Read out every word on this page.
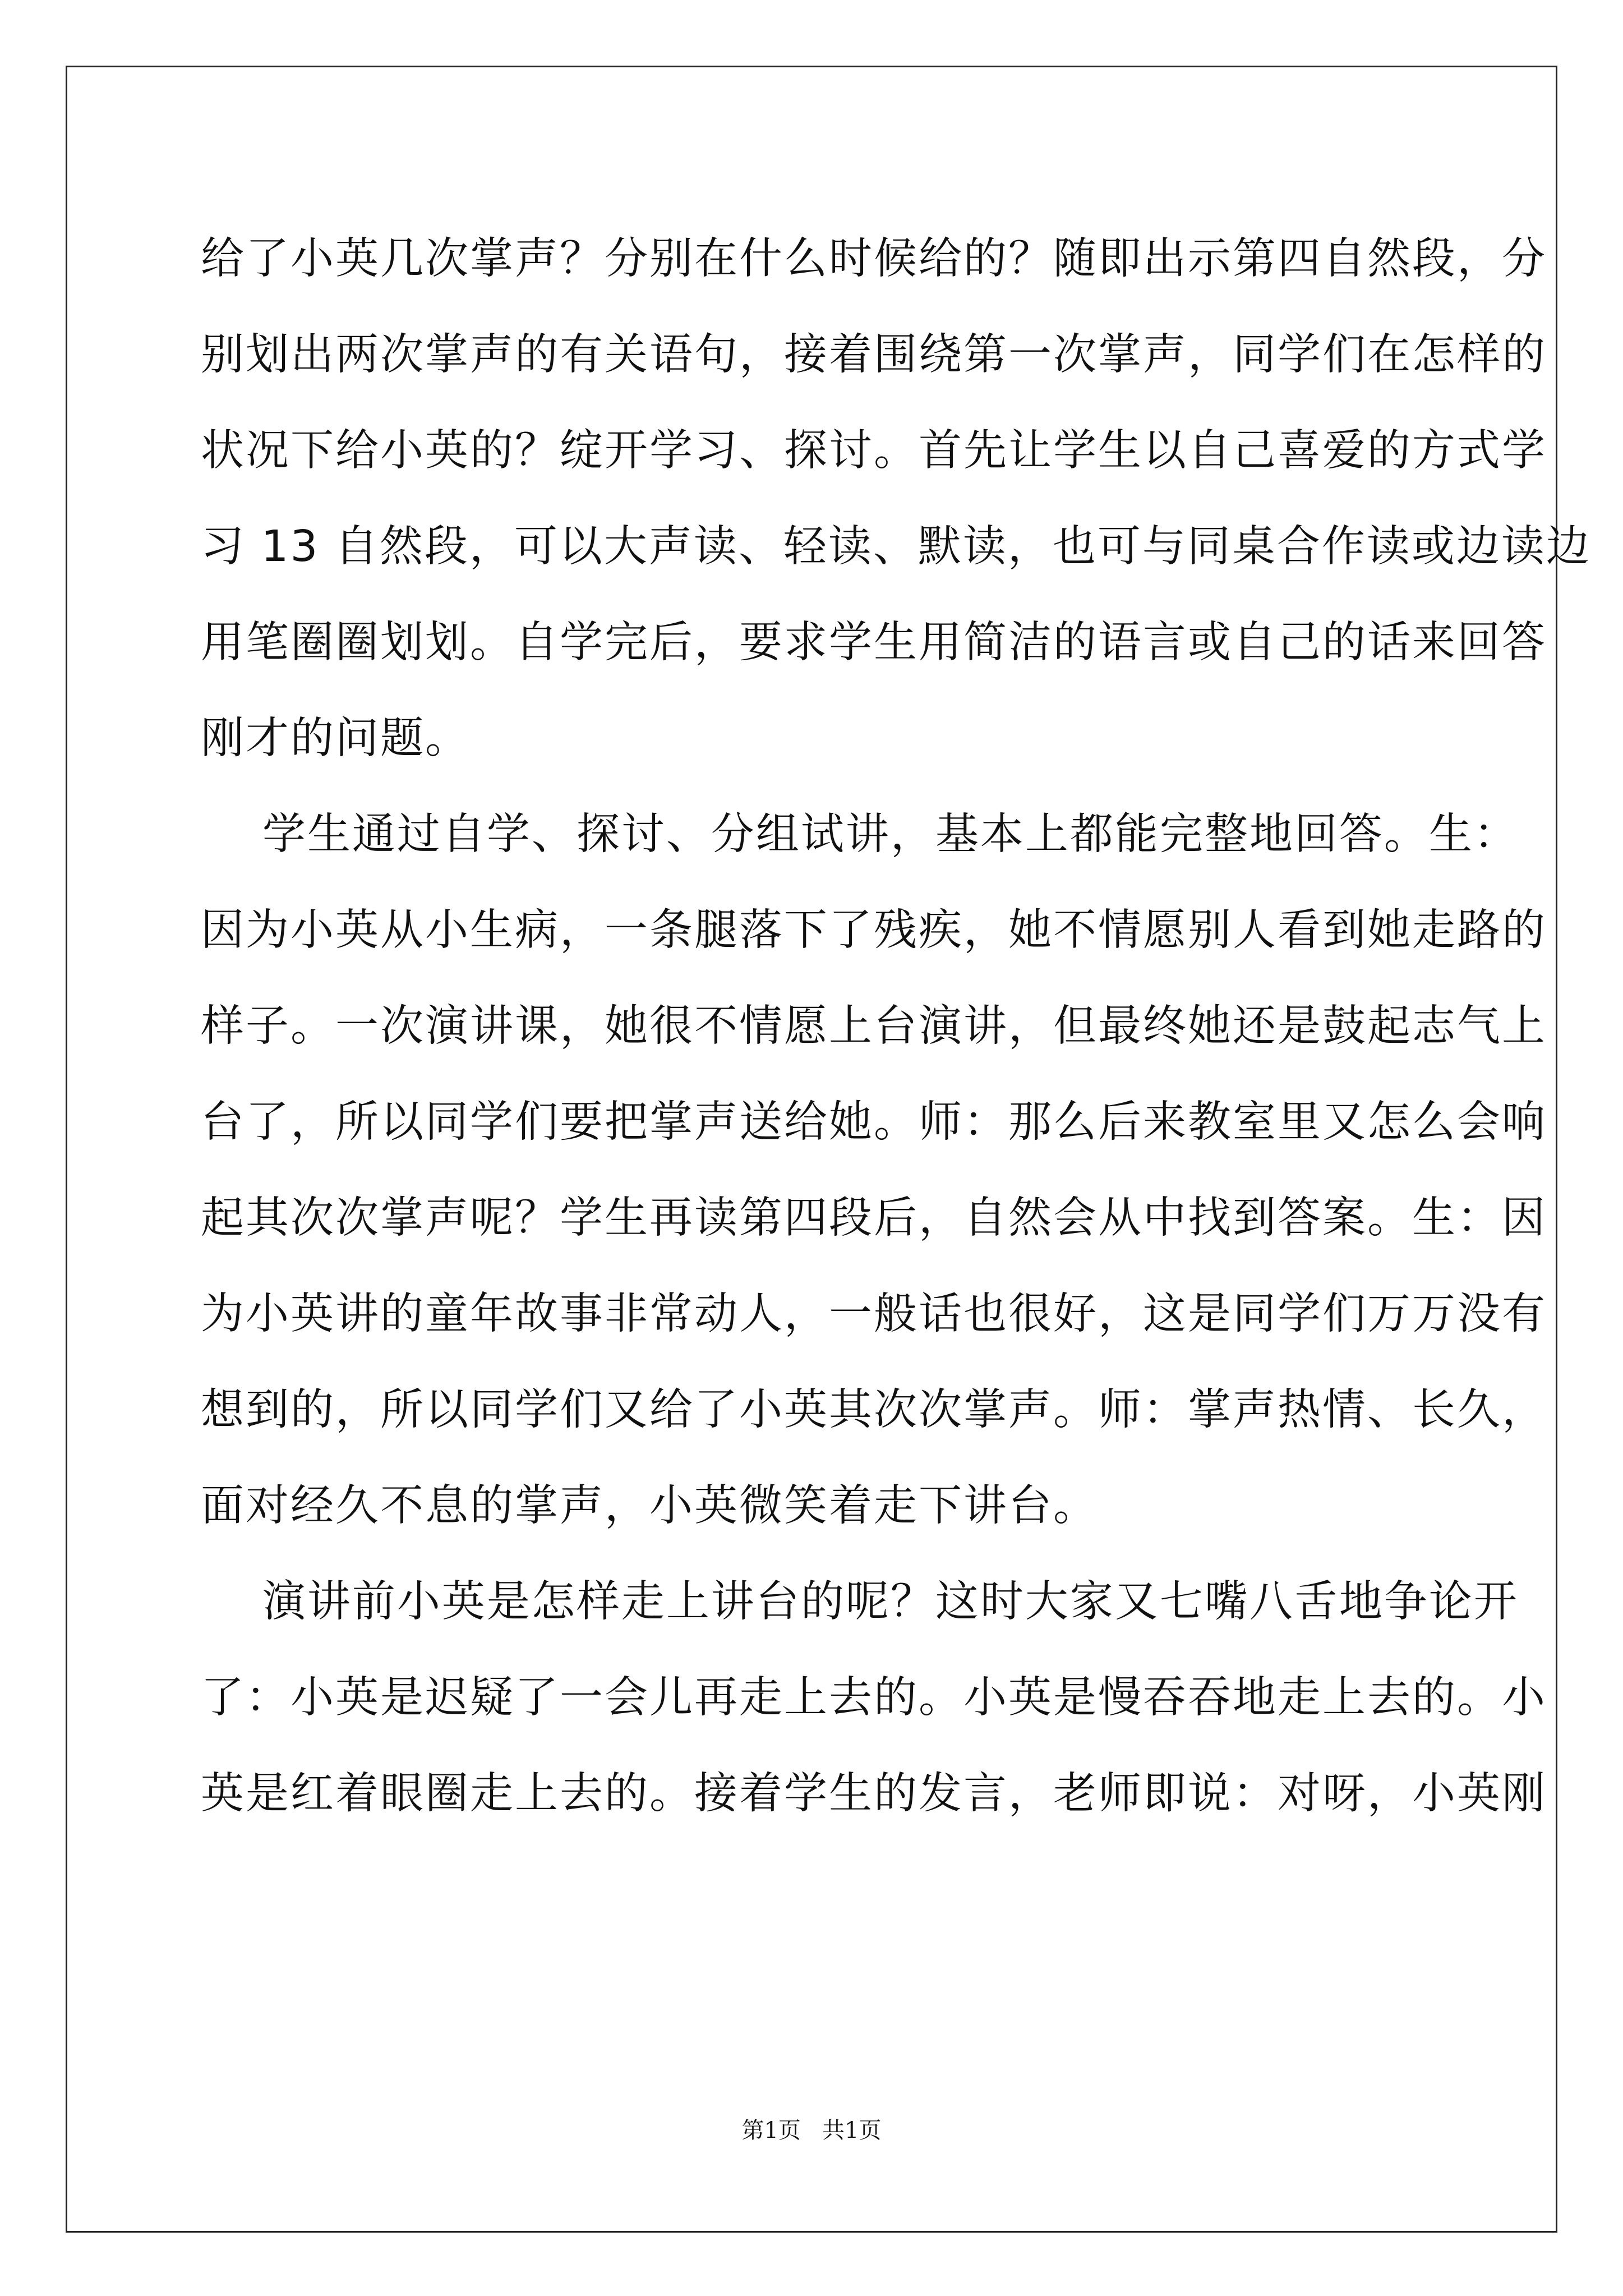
给了小英几次掌声？分别在什么时候给的？随即出示第四自然段，分

别划出两次掌声的有关语句，接着围绕第一次掌声，同学们在怎样的

状况下给小英的？绽开学习、探讨。首先让学生以自己喜爱的方式学

习 13 自然段，可以大声读、轻读、默读，也可与同桌合作读或边读边

用笔圈圈划划。自学完后，要求学生用简洁的语言或自己的话来回答

刚才的问题。

学生通过自学、探讨、分组试讲，基本上都能完整地回答。生：

因为小英从小生病，一条腿落下了残疾，她不情愿别人看到她走路的

样子。一次演讲课，她很不情愿上台演讲，但最终她还是鼓起志气上

台了，所以同学们要把掌声送给她。师：那么后来教室里又怎么会响

起其次次掌声呢？学生再读第四段后，自然会从中找到答案。生：因

为小英讲的童年故事非常动人，一般话也很好，这是同学们万万没有

想到的，所以同学们又给了小英其次次掌声。师：掌声热情、长久，

面对经久不息的掌声，小英微笑着走下讲台。

演讲前小英是怎样走上讲台的呢？这时大家又七嘴八舌地争论开

了：小英是迟疑了一会儿再走上去的。小英是慢吞吞地走上去的。小

英是红着眼圈走上去的。接着学生的发言，老师即说：对呀，小英刚

第1页   共1页
